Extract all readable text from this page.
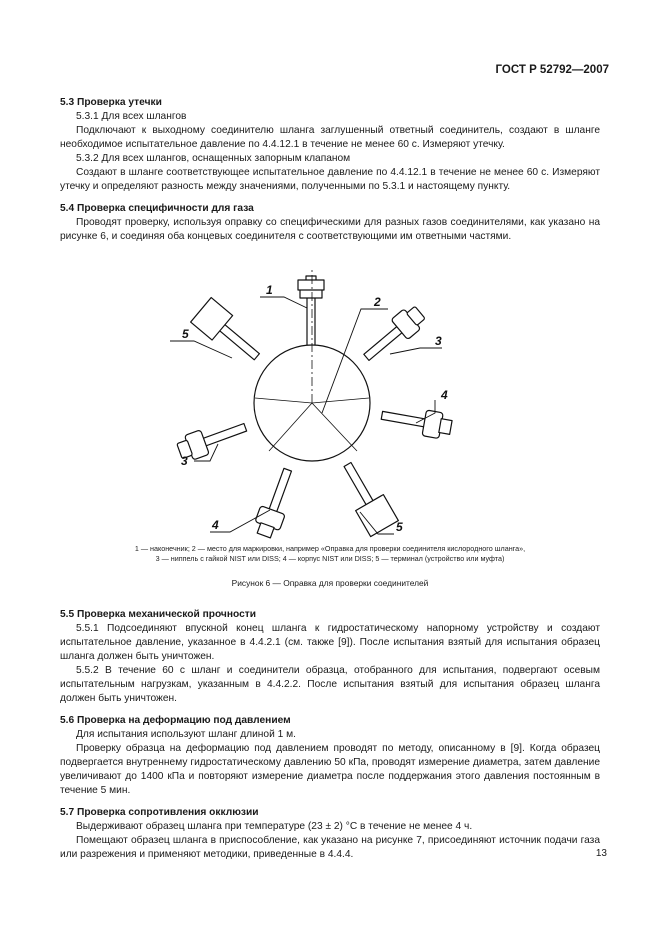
ГОСТ Р 52792—2007

5.3 Проверка утечки

5.3.1 Для всех шлангов

Подключают к выходному соединителю шланга заглушенный ответный соединитель, создают в шланге необходимое испытательное давление по 4.4.12.1 в течение не менее 60 с. Измеряют утечку.

5.3.2 Для всех шлангов, оснащенных запорным клапаном

Создают в шланге соответствующее испытательное давление по 4.4.12.1 в течение не менее 60 с. Измеряют утечку и определяют разность между значениями, полученными по 5.3.1 и настоящему пункту.

5.4 Проверка специфичности для газа

Проводят проверку, используя оправку со специфическими для разных газов соединителями, как указано на рисунке 6, и соединяя оба концевых соединителя с соответствующими им ответными частями.

1
2
3
3
4
4
5
5
1 — наконечник; 2 — место для маркировки, например «Оправка для проверки соединителя кислородного шланга»,
3 — ниппель с гайкой NIST или DISS; 4 — корпус NIST или DISS; 5 — терминал (устройство или муфта)
Рисунок 6 — Оправка для проверки соединителей

5.5 Проверка механической прочности

5.5.1 Подсоединяют впускной конец шланга к гидростатическому напорному устройству и создают испытательное давление, указанное в 4.4.2.1 (см. также [9]). После испытания взятый для испытания образец шланга должен быть уничтожен.

5.5.2 В течение 60 с шланг и соединители образца, отобранного для испытания, подвергают осевым испытательным нагрузкам, указанным в 4.4.2.2. После испытания взятый для испытания образец шланга должен быть уничтожен.

5.6 Проверка на деформацию под давлением

Для испытания используют шланг длиной 1 м.

Проверку образца на деформацию под давлением проводят по методу, описанному в [9]. Когда образец подвергается внутреннему гидростатическому давлению 50 кПа, проводят измерение диаметра, затем давление увеличивают до 1400 кПа и повторяют измерение диаметра после поддержания этого давления постоянным в течение 5 мин.

5.7 Проверка сопротивления окклюзии

Выдерживают образец шланга при температуре (23 ± 2) °С в течение не менее 4 ч.

Помещают образец шланга в приспособление, как указано на рисунке 7, присоединяют источник подачи газа или разрежения и применяют методики, приведенные в 4.4.4.	13
